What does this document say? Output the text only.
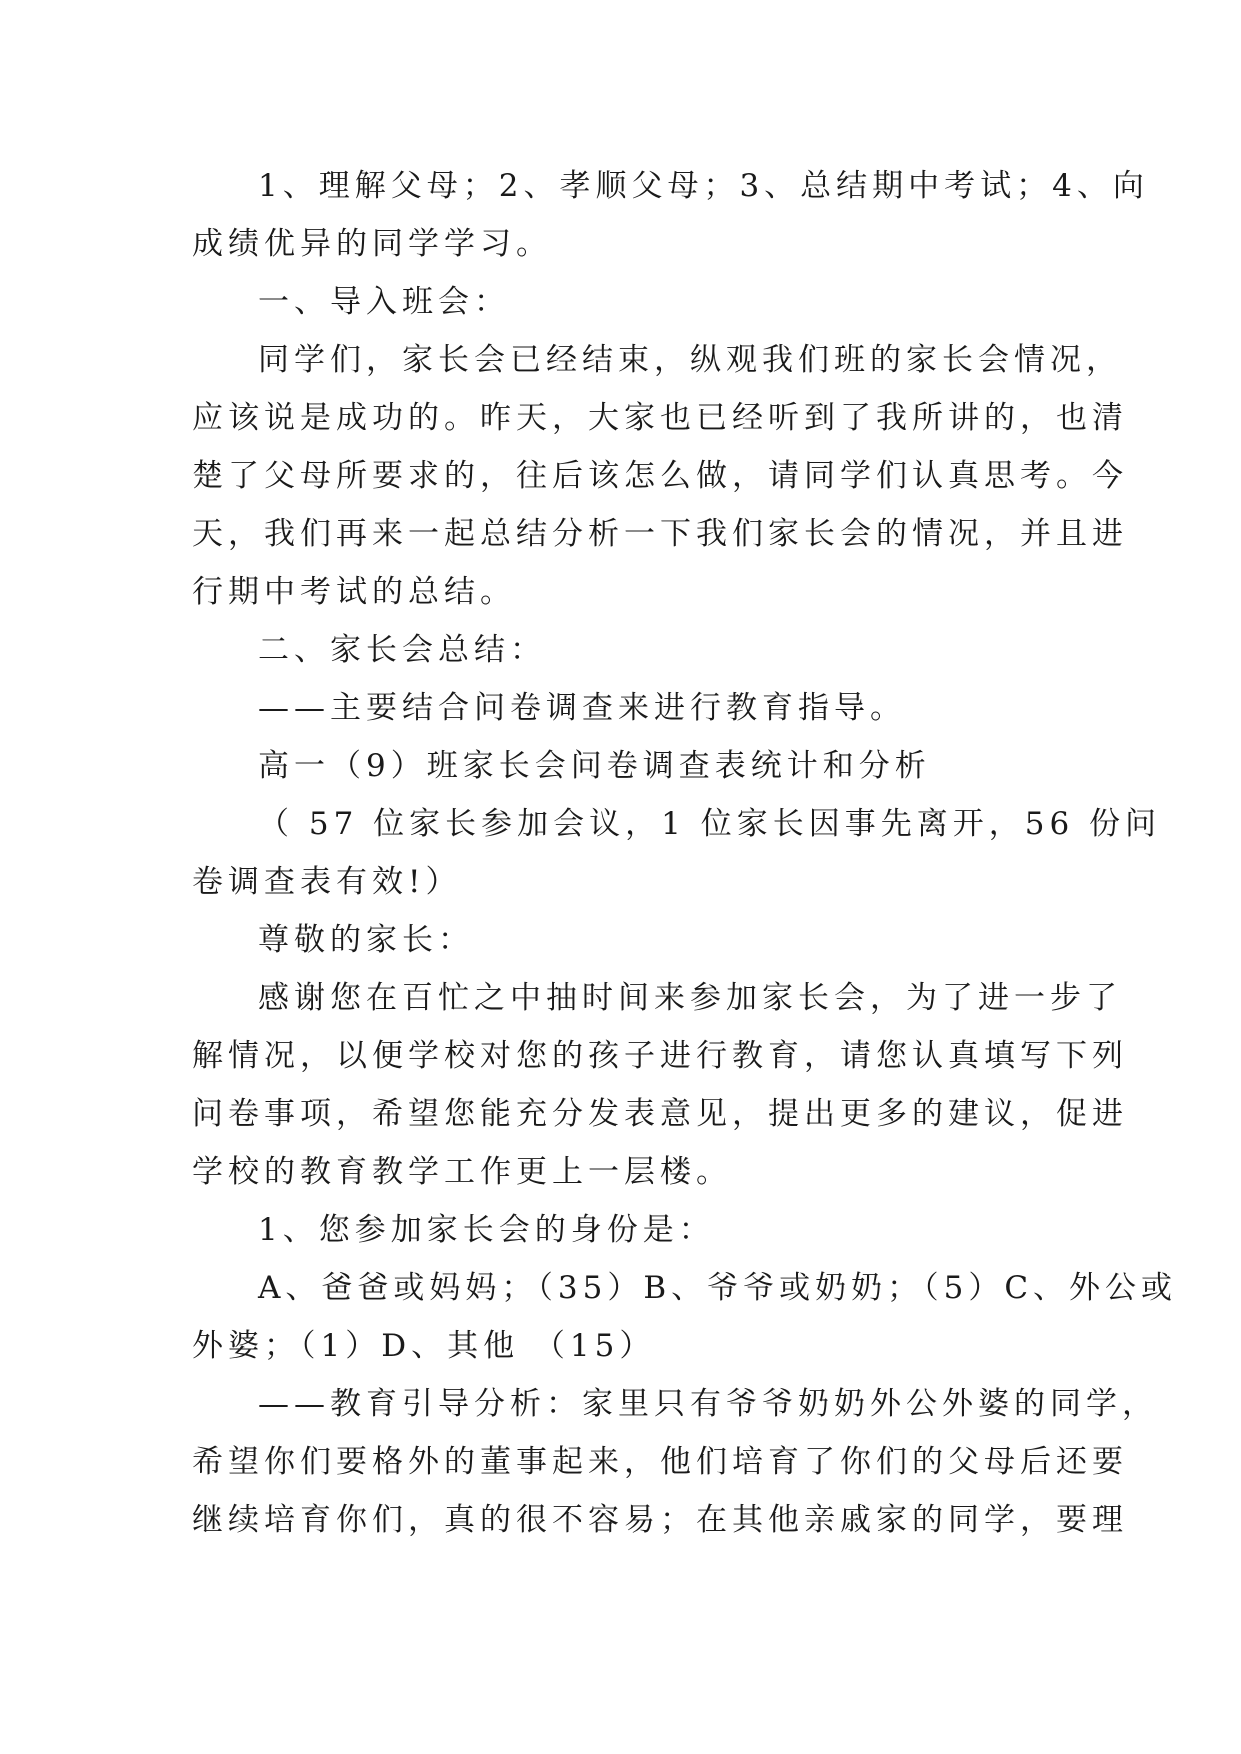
1、理解父母；2、孝顺父母；3、总结期中考试；4、向
成绩优异的同学学习。
一、导入班会：
同学们，家长会已经结束，纵观我们班的家长会情况，
应该说是成功的。昨天，大家也已经听到了我所讲的，也清
楚了父母所要求的，往后该怎么做，请同学们认真思考。今
天，我们再来一起总结分析一下我们家长会的情况，并且进
行期中考试的总结。
二、家长会总结：
——主要结合问卷调查来进行教育指导。
高一（9）班家长会问卷调查表统计和分析
（ 57 位家长参加会议，1 位家长因事先离开，56 份问
卷调查表有效!）
尊敬的家长：
感谢您在百忙之中抽时间来参加家长会，为了进一步了
解情况，以便学校对您的孩子进行教育，请您认真填写下列
问卷事项，希望您能充分发表意见，提出更多的建议，促进
学校的教育教学工作更上一层楼。
1、您参加家长会的身份是：
A、爸爸或妈妈；（35）B、爷爷或奶奶；（5）C、外公或
外婆；（1）D、其他 （15）
——教育引导分析：家里只有爷爷奶奶外公外婆的同学，
希望你们要格外的董事起来，他们培育了你们的父母后还要
继续培育你们，真的很不容易；在其他亲戚家的同学，要理
